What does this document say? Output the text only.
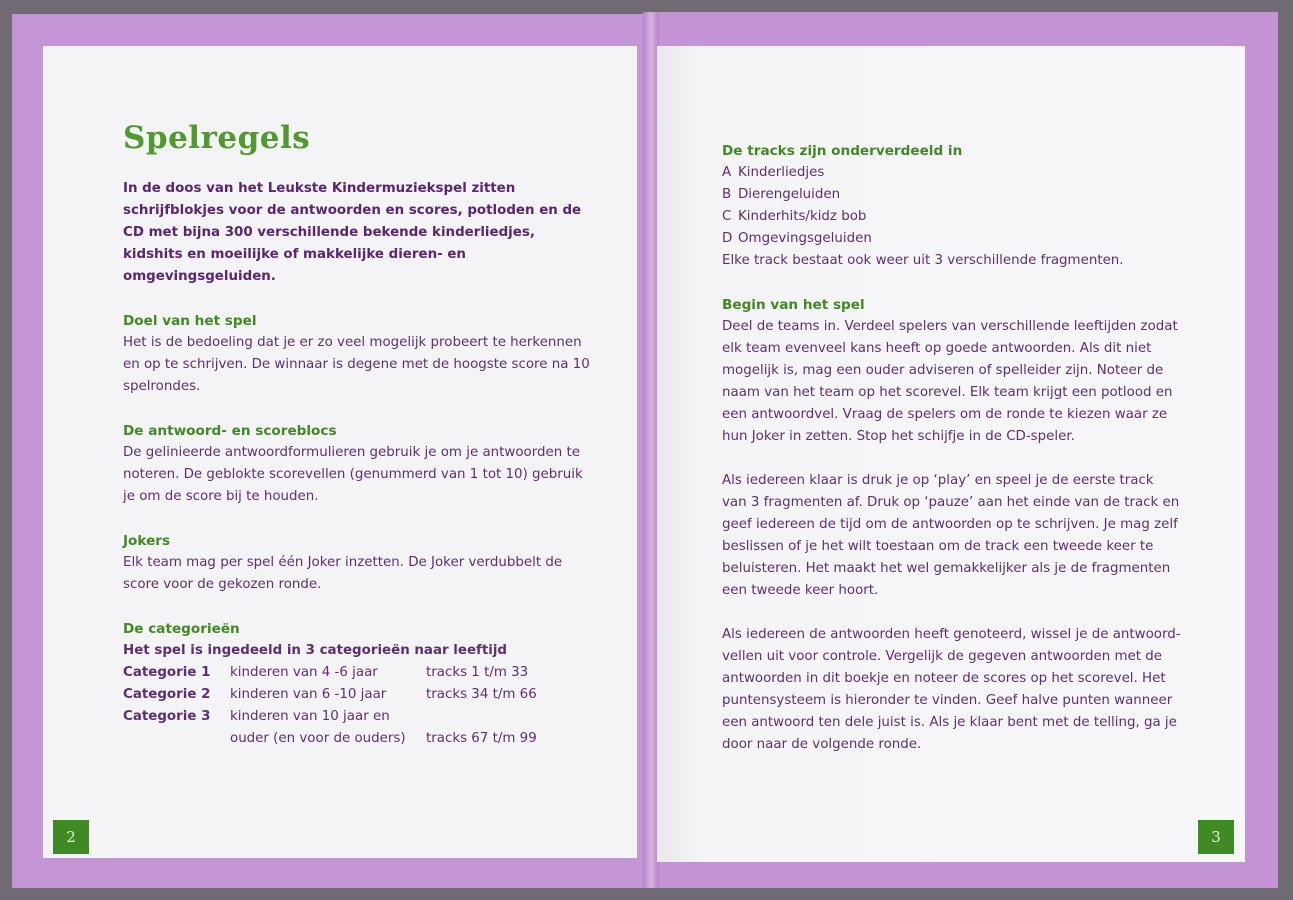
Spelregels

In de doos van het Leukste Kindermuziekspel zitten schrijfblokjes voor de antwoorden en scores, potloden en de CD met bijna 300 verschillende bekende kinderliedjes, kidshits en moeilijke of makkelijke dieren- en omgevingsgeluiden.

Doel van het spel

Het is de bedoeling dat je er zo veel mogelijk probeert te herkennen en op te schrijven. De winnaar is degene met de hoogste score na 10 spelrondes.

De antwoord- en scoreblocs

De gelinieerde antwoordformulieren gebruik je om je antwoorden te noteren. De geblokte scorevellen (genummerd van 1 tot 10) gebruik je om de score bij te houden.

Jokers

Elk team mag per spel één Joker inzetten. De Joker verdubbelt de score voor de gekozen ronde.

De categorieën

Het spel is ingedeeld in 3 categorieën naar leeftijd

Categorie 1	kinderen van 4 -6 jaar	tracks 1 t/m 33
Categorie 2	kinderen van 6 -10 jaar	tracks 34 t/m 66
Categorie 3	kinderen van 10 jaar en	
	ouder (en voor de ouders)	tracks 67 t/m 99
De tracks zijn onderverdeeld in
A Kinderliedjes
B Dierengeluiden
C Kinderhits/kidz bob
D Omgevingsgeluiden

Elke track bestaat ook weer uit 3 verschillende fragmenten.

Begin van het spel

Deel de teams in. Verdeel spelers van verschillende leeftijden zodat elk team evenveel kans heeft op goede antwoorden. Als dit niet mogelijk is, mag een ouder adviseren of spelleider zijn. Noteer de naam van het team op het scorevel. Elk team krijgt een potlood en een antwoordvel. Vraag de spelers om de ronde te kiezen waar ze hun Joker in zetten. Stop het schijfje in de CD-speler.

Als iedereen klaar is druk je op ‘play’ en speel je de eerste track van 3 fragmenten af. Druk op ‘pauze’ aan het einde van de track en geef iedereen de tijd om de antwoorden op te schrijven. Je mag zelf beslissen of je het wilt toestaan om de track een tweede keer te beluisteren. Het maakt het wel gemakkelijker als je de fragmenten een tweede keer hoort.

Als iedereen de antwoorden heeft genoteerd, wissel je de antwoord-vellen uit voor controle. Vergelijk de gegeven antwoorden met de antwoorden in dit boekje en noteer de scores op het scorevel. Het puntensysteem is hieronder te vinden. Geef halve punten wanneer een antwoord ten dele juist is. Als je klaar bent met de telling, ga je door naar de volgende ronde.

2	3
